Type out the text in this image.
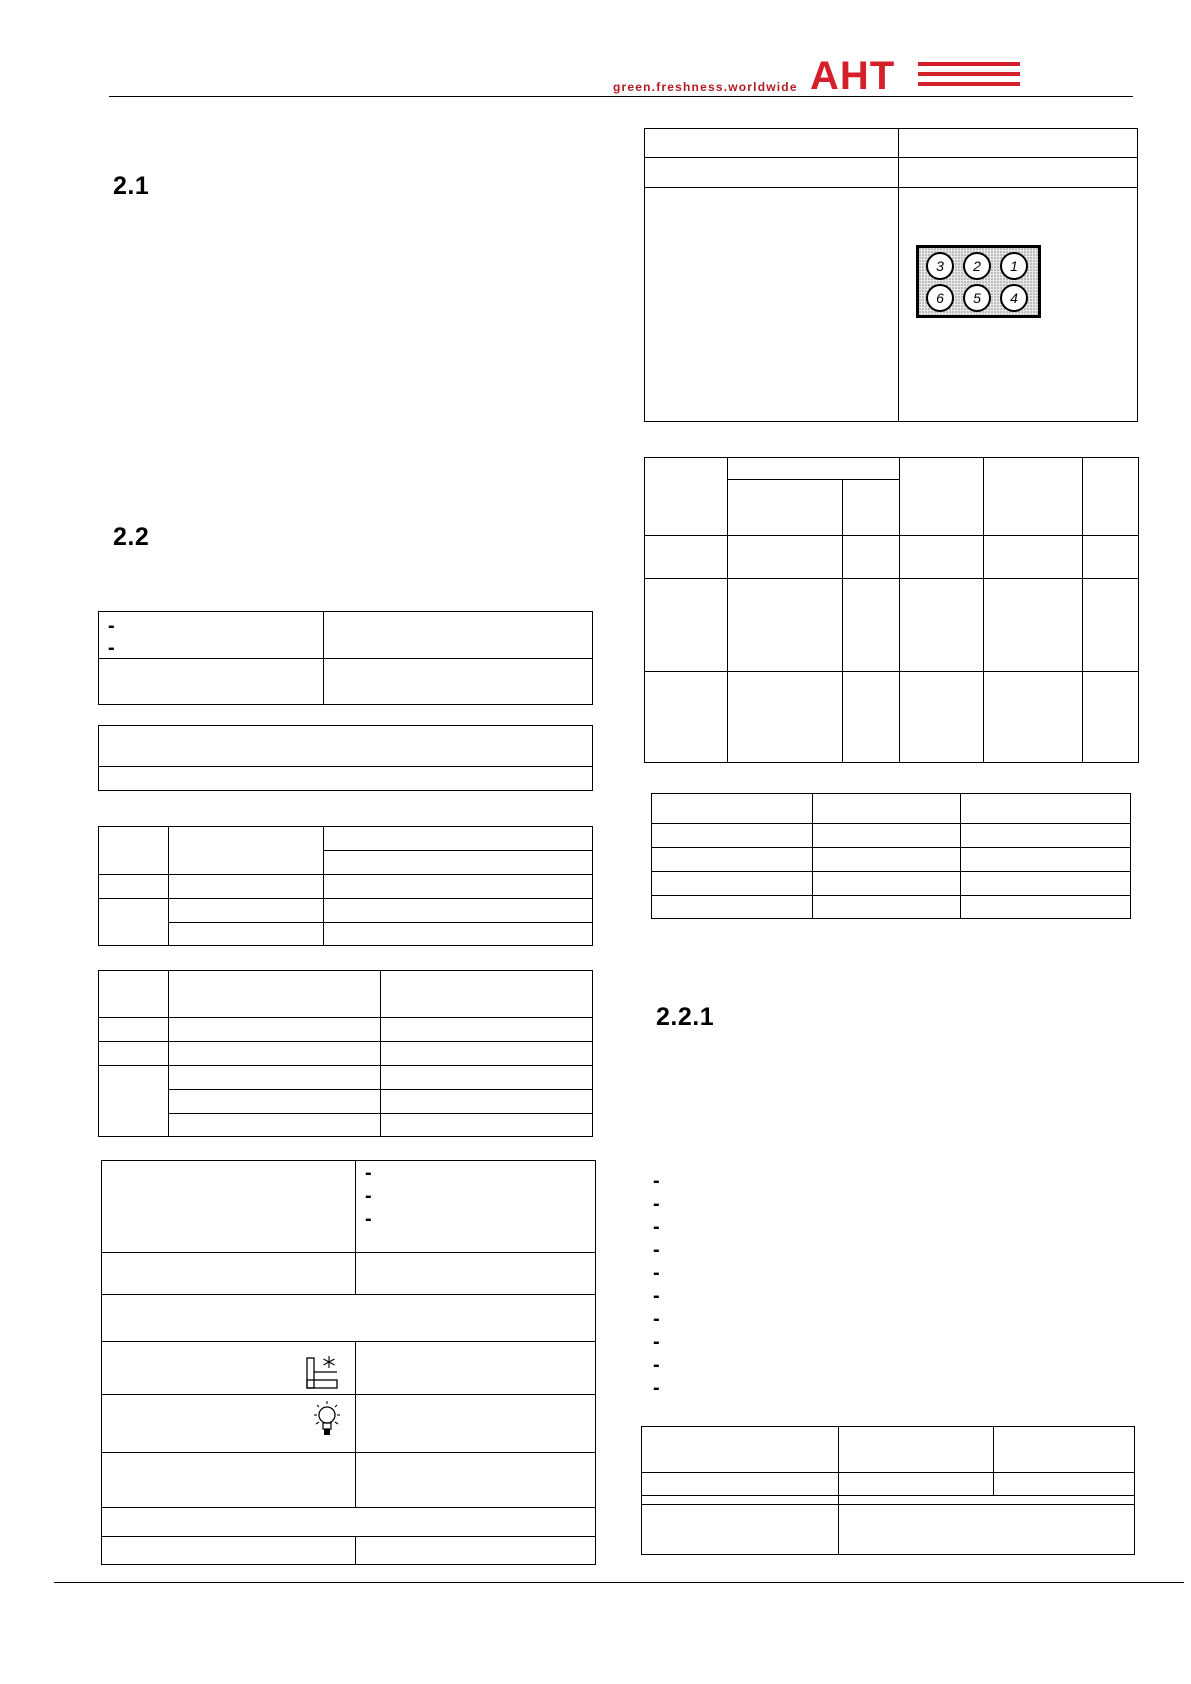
green.freshness.worldwide AHT
2.1
2.2
2.2.1
-
-
-
-
-
3 2 1
6 5 4
-
-
-
-
-
-
-
-
-
-
